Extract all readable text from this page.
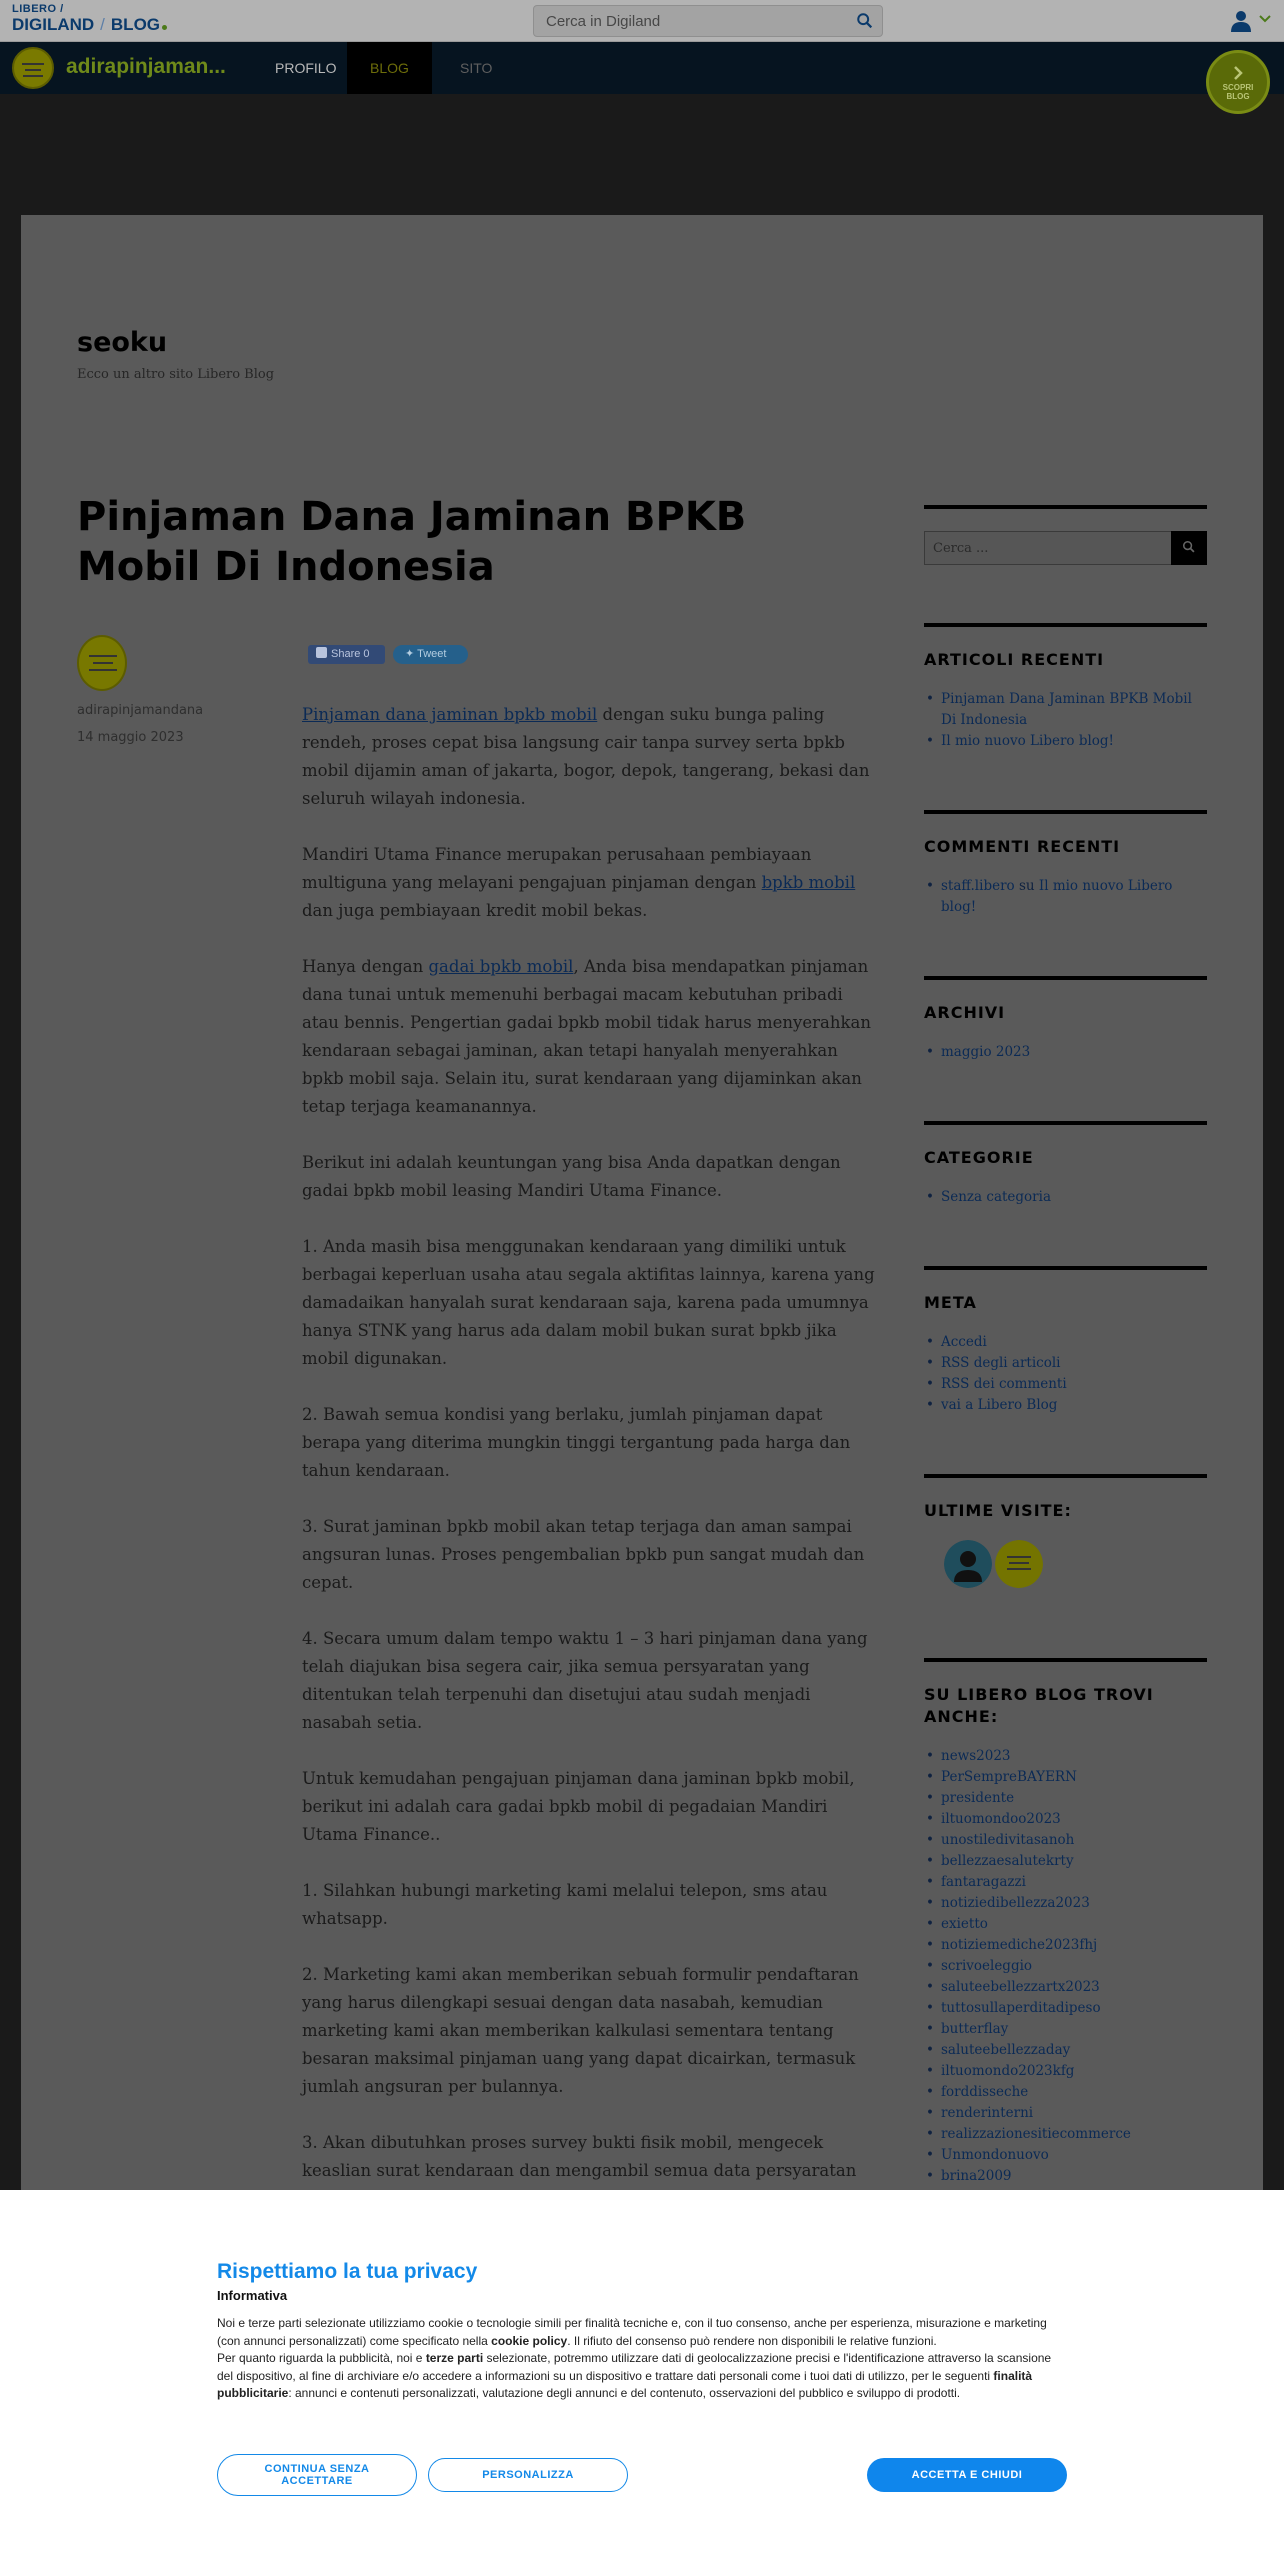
LIBERO /
DIGILAND / BLOG
Cerca in Digiland
adirapinjaman...	PROFILO	BLOG	SITO
SCOPRI
BLOG
seoku
Ecco un altro sito Libero Blog
Pinjaman Dana Jaminan BPKB Mobil Di Indonesia
adirapinjamandana
14 maggio 2023
Share 0	✦ Tweet

Pinjaman dana jaminan bpkb mobil dengan suku bunga paling rendeh, proses cepat bisa langsung cair tanpa survey serta bpkb mobil dijamin aman of jakarta, bogor, depok, tangerang, bekasi dan seluruh wilayah indonesia.

Mandiri Utama Finance merupakan perusahaan pembiayaan multiguna yang melayani pengajuan pinjaman dengan bpkb mobil dan juga pembiayaan kredit mobil bekas.

Hanya dengan gadai bpkb mobil, Anda bisa mendapatkan pinjaman dana tunai untuk memenuhi berbagai macam kebutuhan pribadi atau bennis. Pengertian gadai bpkb mobil tidak harus menyerahkan kendaraan sebagai jaminan, akan tetapi hanyalah menyerahkan bpkb mobil saja. Selain itu, surat kendaraan yang dijaminkan akan tetap terjaga keamanannya.

Berikut ini adalah keuntungan yang bisa Anda dapatkan dengan gadai bpkb mobil leasing Mandiri Utama Finance.

1. Anda masih bisa menggunakan kendaraan yang dimiliki untuk berbagai keperluan usaha atau segala aktifitas lainnya, karena yang damadaikan hanyalah surat kendaraan saja, karena pada umumnya hanya STNK yang harus ada dalam mobil bukan surat bpkb jika mobil digunakan.

2. Bawah semua kondisi yang berlaku, jumlah pinjaman dapat berapa yang diterima mungkin tinggi tergantung pada harga dan tahun kendaraan.

3. Surat jaminan bpkb mobil akan tetap terjaga dan aman sampai angsuran lunas. Proses pengembalian bpkb pun sangat mudah dan cepat.

4. Secara umum dalam tempo waktu 1 – 3 hari pinjaman dana yang telah diajukan bisa segera cair, jika semua persyaratan yang ditentukan telah terpenuhi dan disetujui atau sudah menjadi nasabah setia.

Untuk kemudahan pengajuan pinjaman dana jaminan bpkb mobil, berikut ini adalah cara gadai bpkb mobil di pegadaian Mandiri Utama Finance..

1. Silahkan hubungi marketing kami melalui telepon, sms atau whatsapp.

2. Marketing kami akan memberikan sebuah formulir pendaftaran yang harus dilengkapi sesuai dengan data nasabah, kemudian marketing kami akan memberikan kalkulasi sementara tentang besaran maksimal pinjaman uang yang dapat dicairkan, termasuk jumlah angsuran per bulannya.

3. Akan dibutuhkan proses survey bukti fisik mobil, mengecek keaslian surat kendaraan dan mengambil semua data persyaratan

Cerca ...
ARTICOLI RECENTI
• Pinjaman Dana Jaminan BPKB Mobil Di Indonesia
• Il mio nuovo Libero blog!
COMMENTI RECENTI
• staff.libero su Il mio nuovo Libero blog!
ARCHIVI
• maggio 2023
CATEGORIE
• Senza categoria
META
• Accedi
• RSS degli articoli
• RSS dei commenti
• vai a Libero Blog
ULTIME VISITE:
SU LIBERO BLOG TROVI ANCHE:
• news2023
• PerSempreBAYERN
• presidente
• iltuomondoo2023
• unostiledivitasanoh
• bellezzaesalutekrty
• fantaragazzi
• notiziedibellezza2023
• exietto
• notiziemediche2023fhj
• scrivoeleggio
• saluteebellezzartx2023
• tuttosullaperditadipeso
• butterflay
• saluteebellezzaday
• iltuomondo2023kfg
• forddisseche
• renderinterni
• realizzazionesitiecommerce
• Unmondonuovo
• brina2009
Rispettiamo la tua privacy
Informativa
Noi e terze parti selezionate utilizziamo cookie o tecnologie simili per finalità tecniche e, con il tuo consenso, anche per esperienza, misurazione e marketing (con annunci personalizzati) come specificato nella cookie policy. Il rifiuto del consenso può rendere non disponibili le relative funzioni.
Per quanto riguarda la pubblicità, noi e terze parti selezionate, potremmo utilizzare dati di geolocalizzazione precisi e l'identificazione attraverso la scansione del dispositivo, al fine di archiviare e/o accedere a informazioni su un dispositivo e trattare dati personali come i tuoi dati di utilizzo, per le seguenti finalità pubblicitarie: annunci e contenuti personalizzati, valutazione degli annunci e del contenuto, osservazioni del pubblico e sviluppo di prodotti.
CONTINUA SENZA ACCETTARE	PERSONALIZZA	ACCETTA E CHIUDI
